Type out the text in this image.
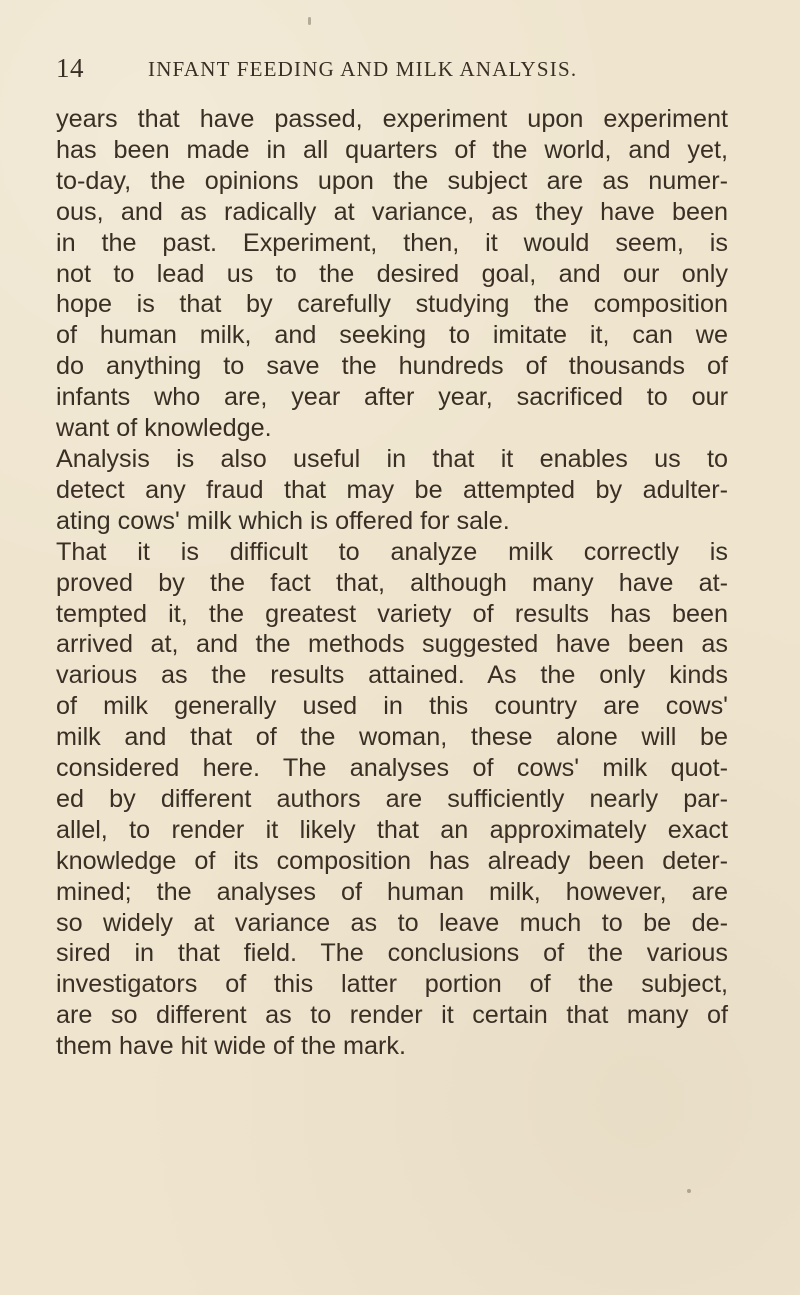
14	INFANT FEEDING AND MILK ANALYSIS.
years that have passed, experiment upon experiment
has been made in all quarters of the world, and yet,
to-day, the opinions upon the subject are as numer-
ous, and as radically at variance, as they have been
in the past. Experiment, then, it would seem, is
not to lead us to the desired goal, and our only
hope is that by carefully studying the composition
of human milk, and seeking to imitate it, can we
do anything to save the hundreds of thousands of
infants who are, year after year, sacrificed to our
want of knowledge.
Analysis is also useful in that it enables us to
detect any fraud that may be attempted by adulter-
ating cows' milk which is offered for sale.
That it is difficult to analyze milk correctly is
proved by the fact that, although many have at-
tempted it, the greatest variety of results has been
arrived at, and the methods suggested have been as
various as the results attained. As the only kinds
of milk generally used in this country are cows'
milk and that of the woman, these alone will be
considered here. The analyses of cows' milk quot-
ed by different authors are sufficiently nearly par-
allel, to render it likely that an approximately exact
knowledge of its composition has already been deter-
mined; the analyses of human milk, however, are
so widely at variance as to leave much to be de-
sired in that field. The conclusions of the various
investigators of this latter portion of the subject,
are so different as to render it certain that many of
them have hit wide of the mark.
